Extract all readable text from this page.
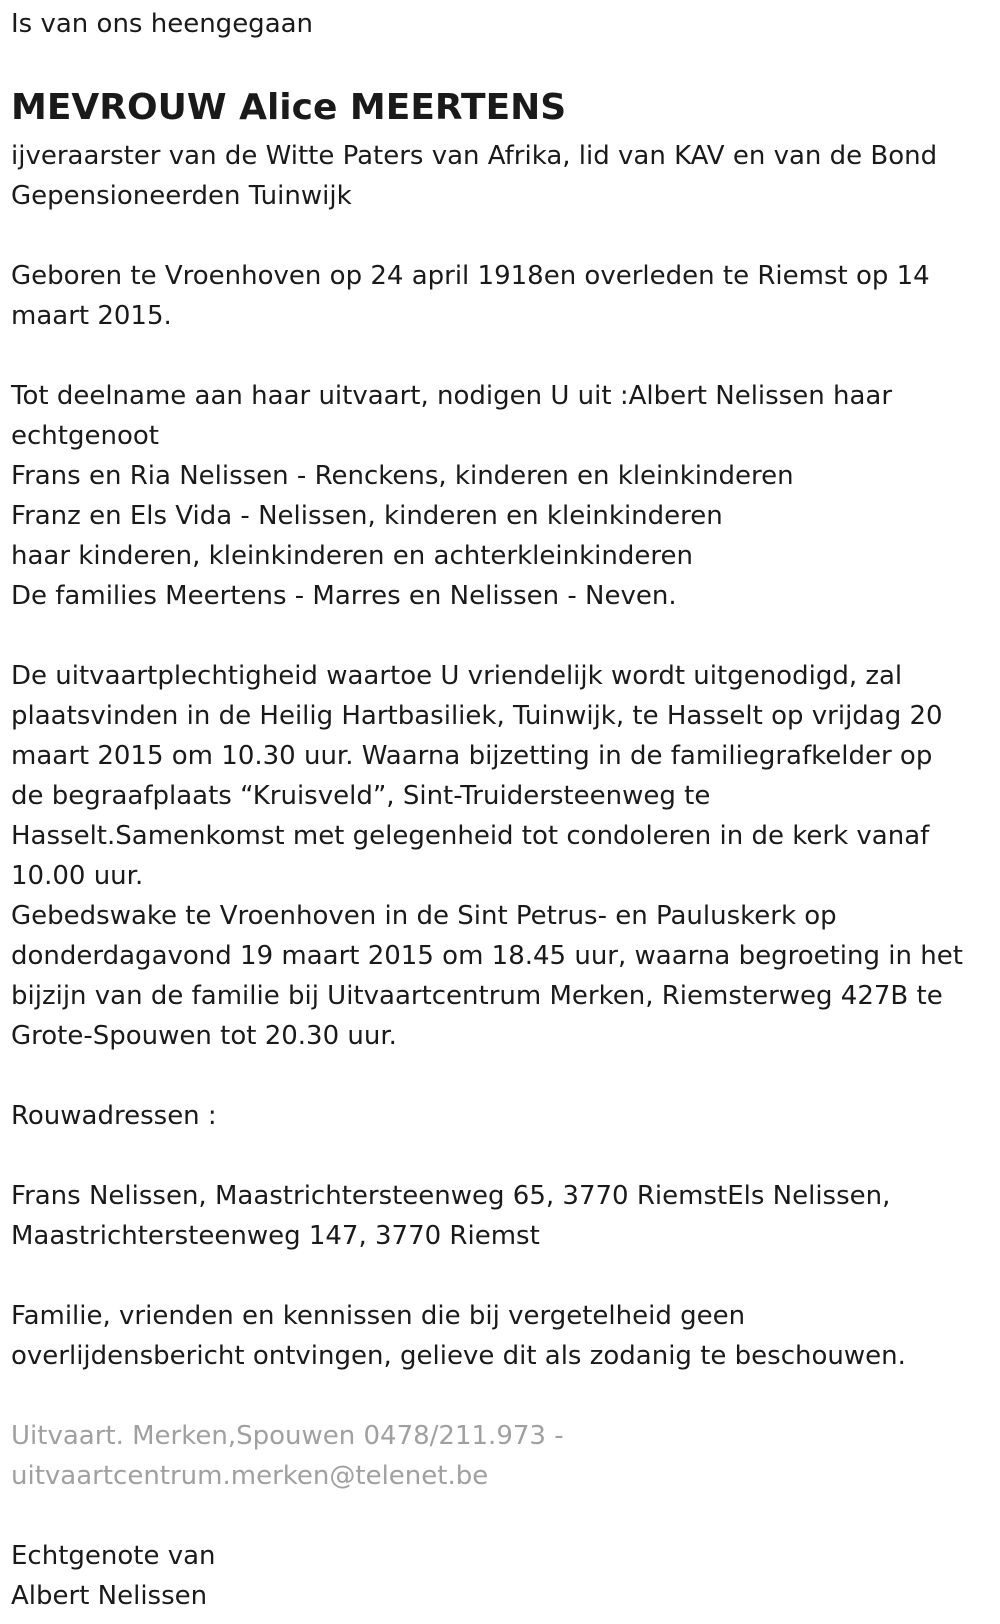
Is van ons heengegaan

MEVROUW Alice MEERTENS

ijveraarster van de Witte Paters van Afrika, lid van KAV en van de Bond

Gepensioneerden Tuinwijk

Geboren te Vroenhoven op 24 april 1918en overleden te Riemst op 14

maart 2015.

Tot deelname aan haar uitvaart, nodigen U uit :Albert Nelissen haar

echtgenoot

Frans en Ria Nelissen - Renckens, kinderen en kleinkinderen

Franz en Els Vida - Nelissen, kinderen en kleinkinderen

haar kinderen, kleinkinderen en achterkleinkinderen

De families Meertens - Marres en Nelissen - Neven.

De uitvaartplechtigheid waartoe U vriendelijk wordt uitgenodigd, zal

plaatsvinden in de Heilig Hartbasiliek, Tuinwijk, te Hasselt op vrijdag 20

maart 2015 om 10.30 uur. Waarna bijzetting in de familiegrafkelder op

de begraafplaats “Kruisveld”, Sint-Truidersteenweg te

Hasselt.Samenkomst met gelegenheid tot condoleren in de kerk vanaf

10.00 uur.

Gebedswake te Vroenhoven in de Sint Petrus- en Pauluskerk op

donderdagavond 19 maart 2015 om 18.45 uur, waarna begroeting in het

bijzijn van de familie bij Uitvaartcentrum Merken, Riemsterweg 427B te

Grote-Spouwen tot 20.30 uur.

Rouwadressen :

Frans Nelissen, Maastrichtersteenweg 65, 3770 RiemstEls Nelissen,

Maastrichtersteenweg 147, 3770 Riemst

Familie, vrienden en kennissen die bij vergetelheid geen

overlijdensbericht ontvingen, gelieve dit als zodanig te beschouwen.

Uitvaart. Merken,Spouwen 0478/211.973 -

uitvaartcentrum.merken@telenet.be

Echtgenote van

Albert Nelissen
